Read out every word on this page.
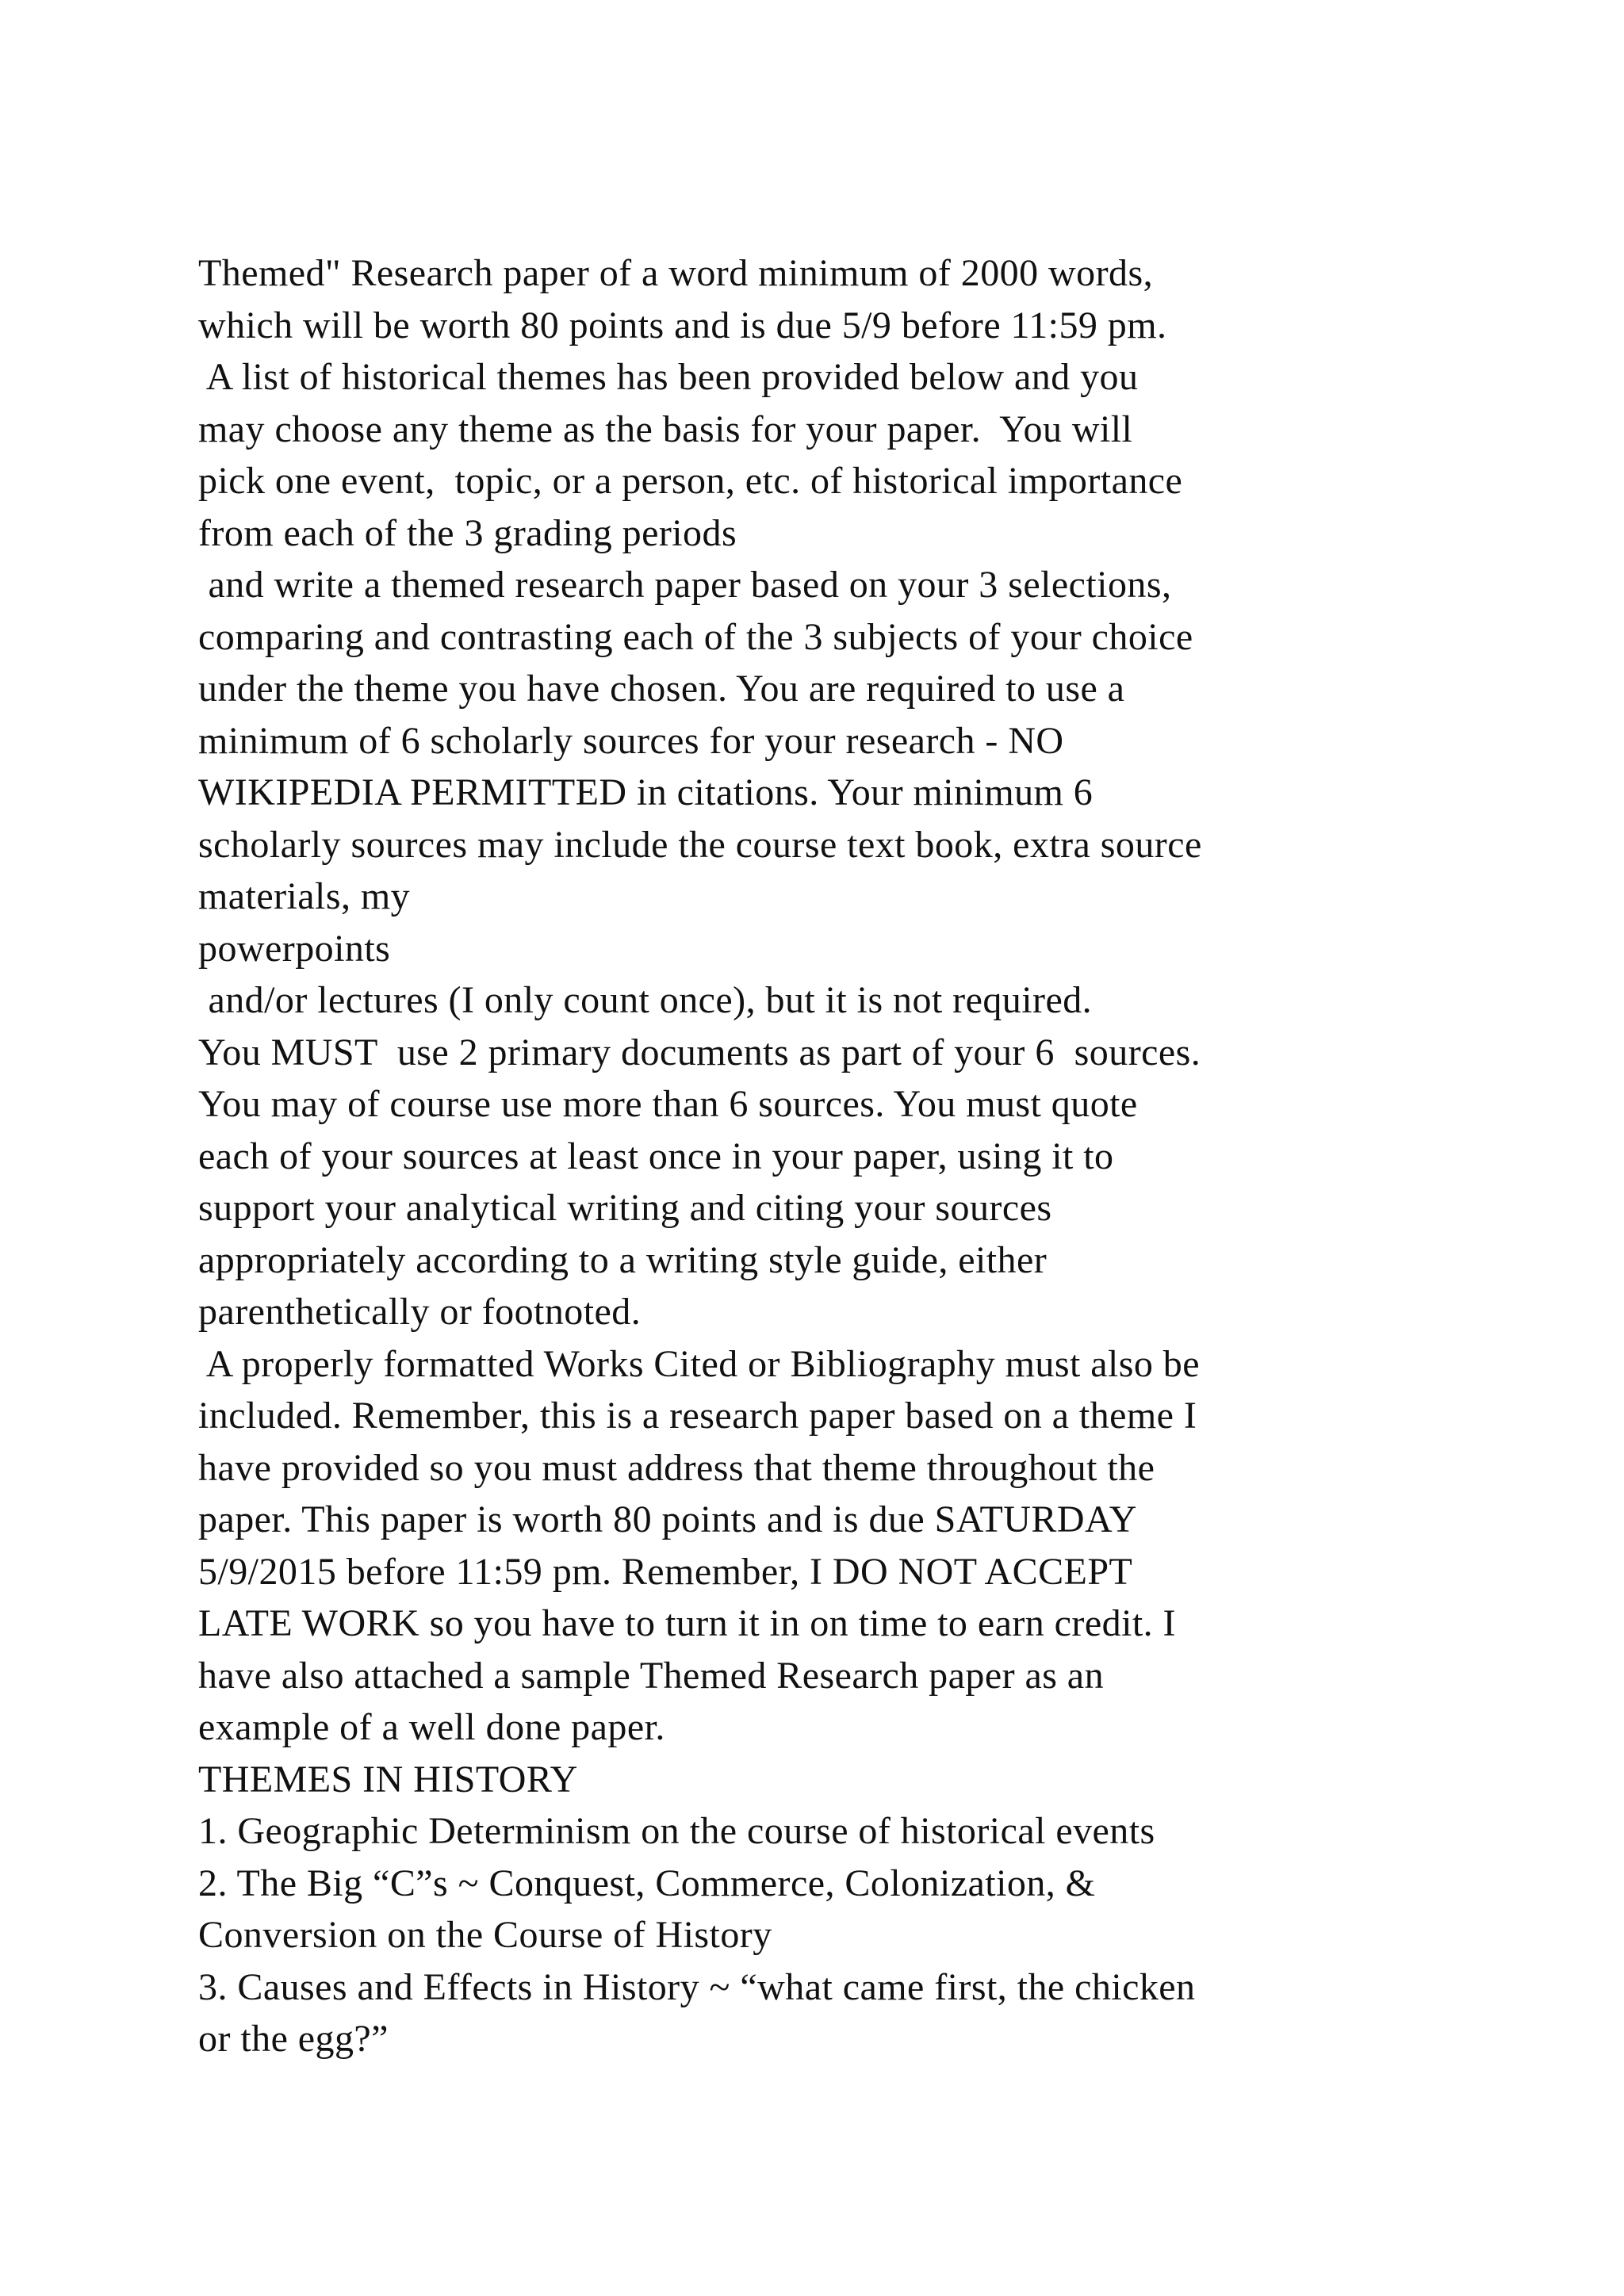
Themed" Research paper of a word minimum of 2000 words,
which will be worth 80 points and is due 5/9 before 11:59 pm.
A list of historical themes has been provided below and you
may choose any theme as the basis for your paper.  You will
pick one event,  topic, or a person, etc. of historical importance
from each of the 3 grading periods
and write a themed research paper based on your 3 selections,
comparing and contrasting each of the 3 subjects of your choice
under the theme you have chosen. You are required to use a
minimum of 6 scholarly sources for your research - NO
WIKIPEDIA PERMITTED in citations. Your minimum 6
scholarly sources may include the course text book, extra source
materials, my
powerpoints
and/or lectures (I only count once), but it is not required.
You MUST  use 2 primary documents as part of your 6  sources.
You may of course use more than 6 sources. You must quote
each of your sources at least once in your paper, using it to
support your analytical writing and citing your sources
appropriately according to a writing style guide, either
parenthetically or footnoted.
A properly formatted Works Cited or Bibliography must also be
included. Remember, this is a research paper based on a theme I
have provided so you must address that theme throughout the
paper. This paper is worth 80 points and is due SATURDAY
5/9/2015 before 11:59 pm. Remember, I DO NOT ACCEPT
LATE WORK so you have to turn it in on time to earn credit. I
have also attached a sample Themed Research paper as an
example of a well done paper.
THEMES IN HISTORY
1. Geographic Determinism on the course of historical events
2. The Big “C”s ~ Conquest, Commerce, Colonization, &
Conversion on the Course of History
3. Causes and Effects in History ~ “what came first, the chicken
or the egg?”
